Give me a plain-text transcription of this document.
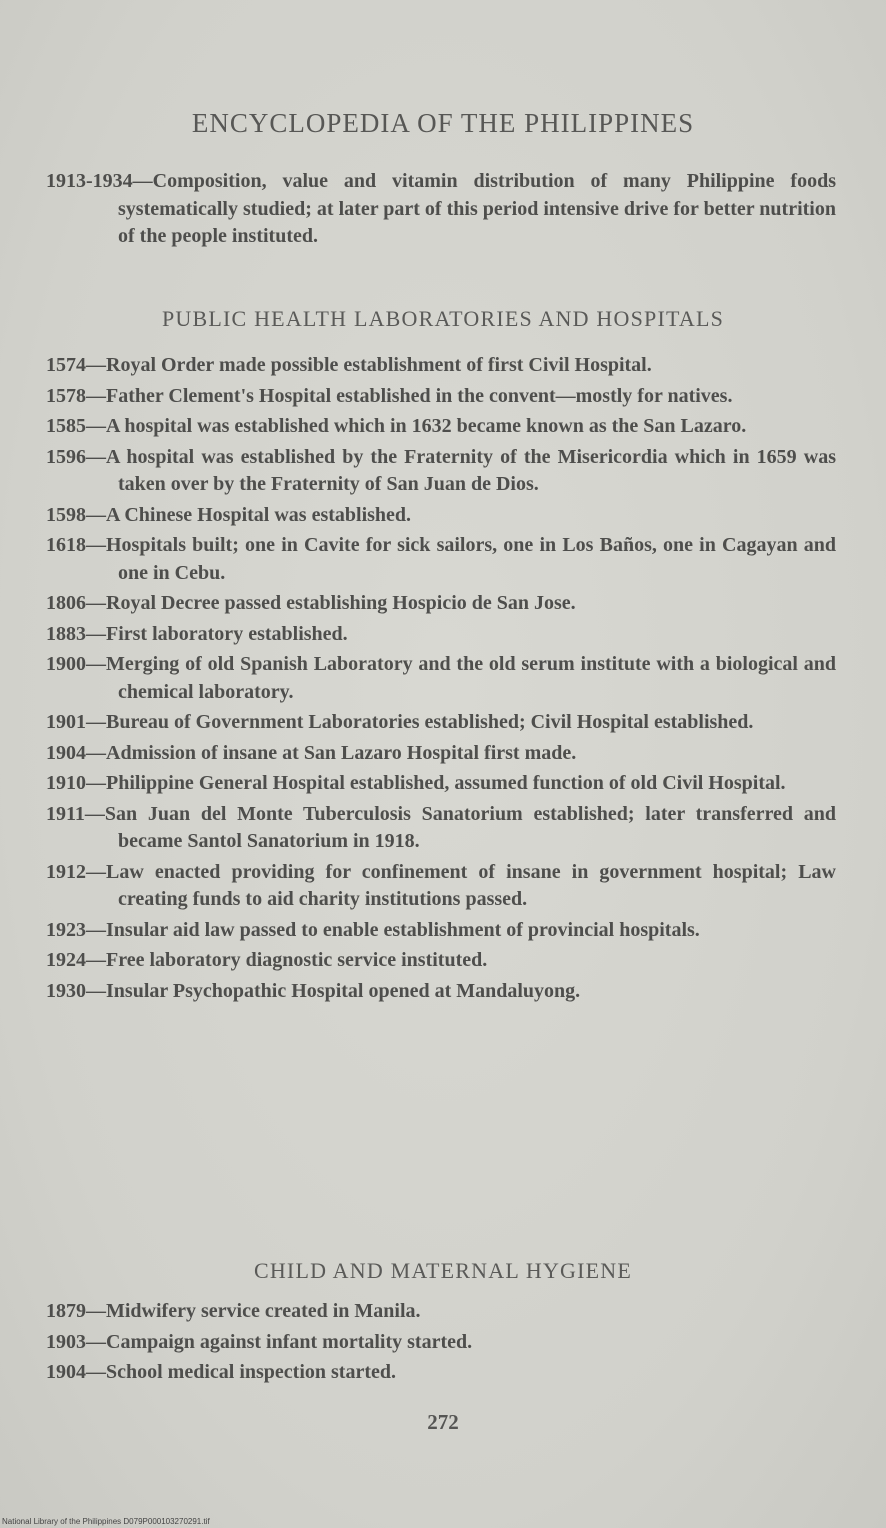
ENCYCLOPEDIA OF THE PHILIPPINES
1913-1934—Composition, value and vitamin distribution of many Philippine foods systematically studied; at later part of this period intensive drive for better nutrition of the people instituted.
PUBLIC HEALTH LABORATORIES AND HOSPITALS
1574—Royal Order made possible establishment of first Civil Hospital.
1578—Father Clement's Hospital established in the convent—mostly for natives.
1585—A hospital was established which in 1632 became known as the San Lazaro.
1596—A hospital was established by the Fraternity of the Misericordia which in 1659 was taken over by the Fraternity of San Juan de Dios.
1598—A Chinese Hospital was established.
1618—Hospitals built; one in Cavite for sick sailors, one in Los Baños, one in Cagayan and one in Cebu.
1806—Royal Decree passed establishing Hospicio de San Jose.
1883—First laboratory established.
1900—Merging of old Spanish Laboratory and the old serum institute with a biological and chemical laboratory.
1901—Bureau of Government Laboratories established; Civil Hospital established.
1904—Admission of insane at San Lazaro Hospital first made.
1910—Philippine General Hospital established, assumed function of old Civil Hospital.
1911—San Juan del Monte Tuberculosis Sanatorium established; later transferred and became Santol Sanatorium in 1918.
1912—Law enacted providing for confinement of insane in government hospital; Law creating funds to aid charity institutions passed.
1923—Insular aid law passed to enable establishment of provincial hospitals.
1924—Free laboratory diagnostic service instituted.
1930—Insular Psychopathic Hospital opened at Mandaluyong.
CHILD AND MATERNAL HYGIENE
1879—Midwifery service created in Manila.
1903—Campaign against infant mortality started.
1904—School medical inspection started.
272
National Library of the Philippines D079P000103270291.tif
